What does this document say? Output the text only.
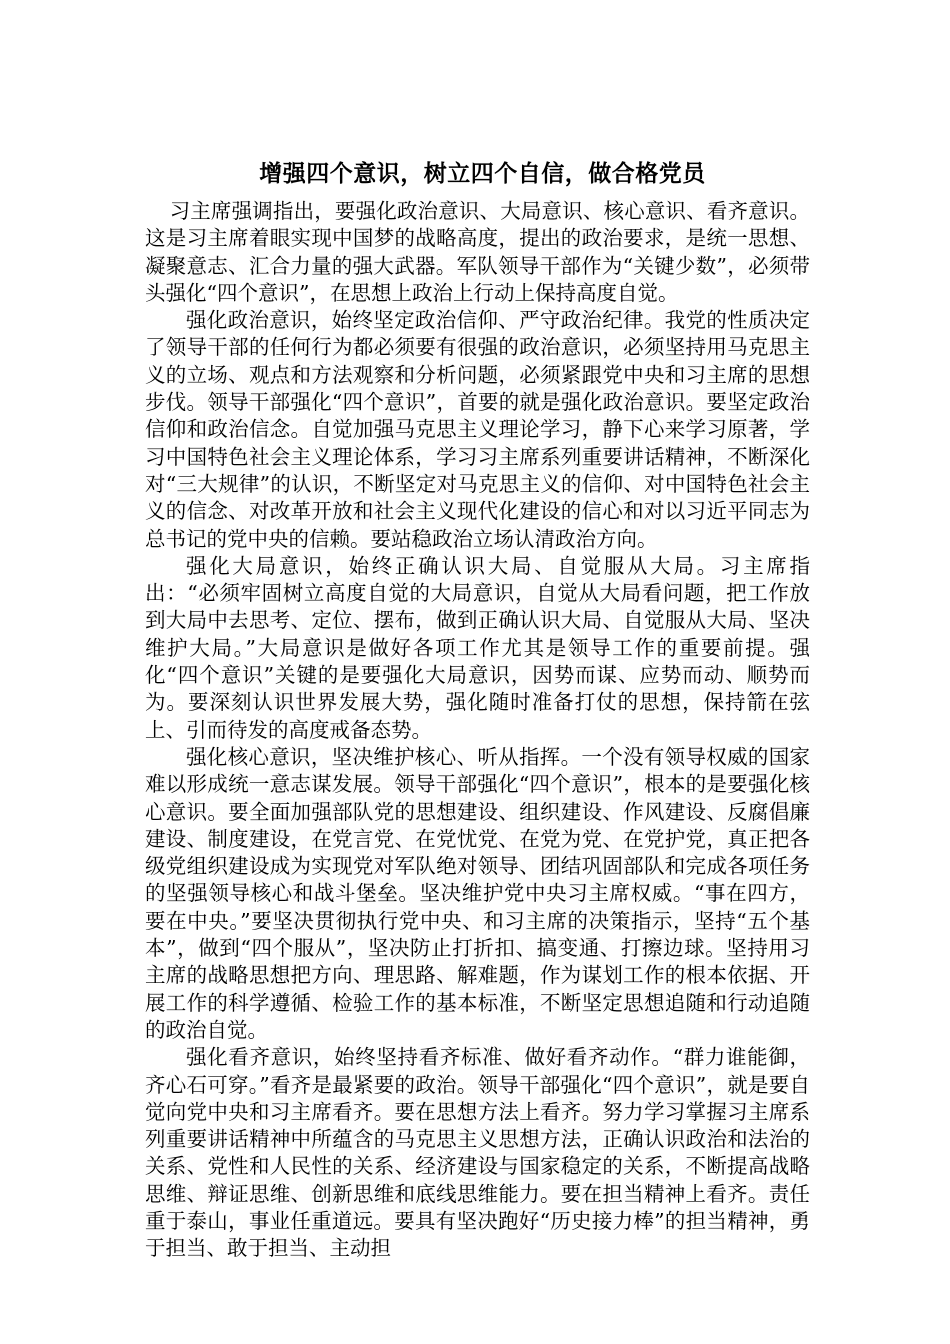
增强四个意识，树立四个自信，做合格党员

习主席强调指出，要强化政治意识、大局意识、核心意识、看齐意识。这是习主席着眼实现中国梦的战略高度，提出的政治要求，是统一思想、凝聚意志、汇合力量的强大武器。军队领导干部作为“关键少数”，必须带头强化“四个意识”，在思想上政治上行动上保持高度自觉。

强化政治意识，始终坚定政治信仰、严守政治纪律。我党的性质决定了领导干部的任何行为都必须要有很强的政治意识，必须坚持用马克思主义的立场、观点和方法观察和分析问题，必须紧跟党中央和习主席的思想步伐。领导干部强化“四个意识”，首要的就是强化政治意识。要坚定政治信仰和政治信念。自觉加强马克思主义理论学习，静下心来学习原著，学习中国特色社会主义理论体系，学习习主席系列重要讲话精神，不断深化对“三大规律”的认识，不断坚定对马克思主义的信仰、对中国特色社会主义的信念、对改革开放和社会主义现代化建设的信心和对以习近平同志为总书记的党中央的信赖。要站稳政治立场认清政治方向。

强化大局意识，始终正确认识大局、自觉服从大局。习主席指出：“必须牢固树立高度自觉的大局意识，自觉从大局看问题，把工作放到大局中去思考、定位、摆布，做到正确认识大局、自觉服从大局、坚决维护大局。”大局意识是做好各项工作尤其是领导工作的重要前提。强化“四个意识”关键的是要强化大局意识，因势而谋、应势而动、顺势而为。要深刻认识世界发展大势，强化随时准备打仗的思想，保持箭在弦上、引而待发的高度戒备态势。

强化核心意识，坚决维护核心、听从指挥。一个没有领导权威的国家难以形成统一意志谋发展。领导干部强化“四个意识”，根本的是要强化核心意识。要全面加强部队党的思想建设、组织建设、作风建设、反腐倡廉建设、制度建设，在党言党、在党忧党、在党为党、在党护党，真正把各级党组织建设成为实现党对军队绝对领导、团结巩固部队和完成各项任务的坚强领导核心和战斗堡垒。坚决维护党中央习主席权威。“事在四方，要在中央。”要坚决贯彻执行党中央、和习主席的决策指示，坚持“五个基本”，做到“四个服从”，坚决防止打折扣、搞变通、打擦边球。坚持用习主席的战略思想把方向、理思路、解难题，作为谋划工作的根本依据、开展工作的科学遵循、检验工作的基本标准，不断坚定思想追随和行动追随的政治自觉。

强化看齐意识，始终坚持看齐标准、做好看齐动作。“群力谁能御，齐心石可穿。”看齐是最紧要的政治。领导干部强化“四个意识”，就是要自觉向党中央和习主席看齐。要在思想方法上看齐。努力学习掌握习主席系列重要讲话精神中所蕴含的马克思主义思想方法，正确认识政治和法治的关系、党性和人民性的关系、经济建设与国家稳定的关系，不断提高战略思维、辩证思维、创新思维和底线思维能力。要在担当精神上看齐。责任重于泰山，事业任重道远。要具有坚决跑好“历史接力棒”的担当精神，勇于担当、敢于担当、主动担
